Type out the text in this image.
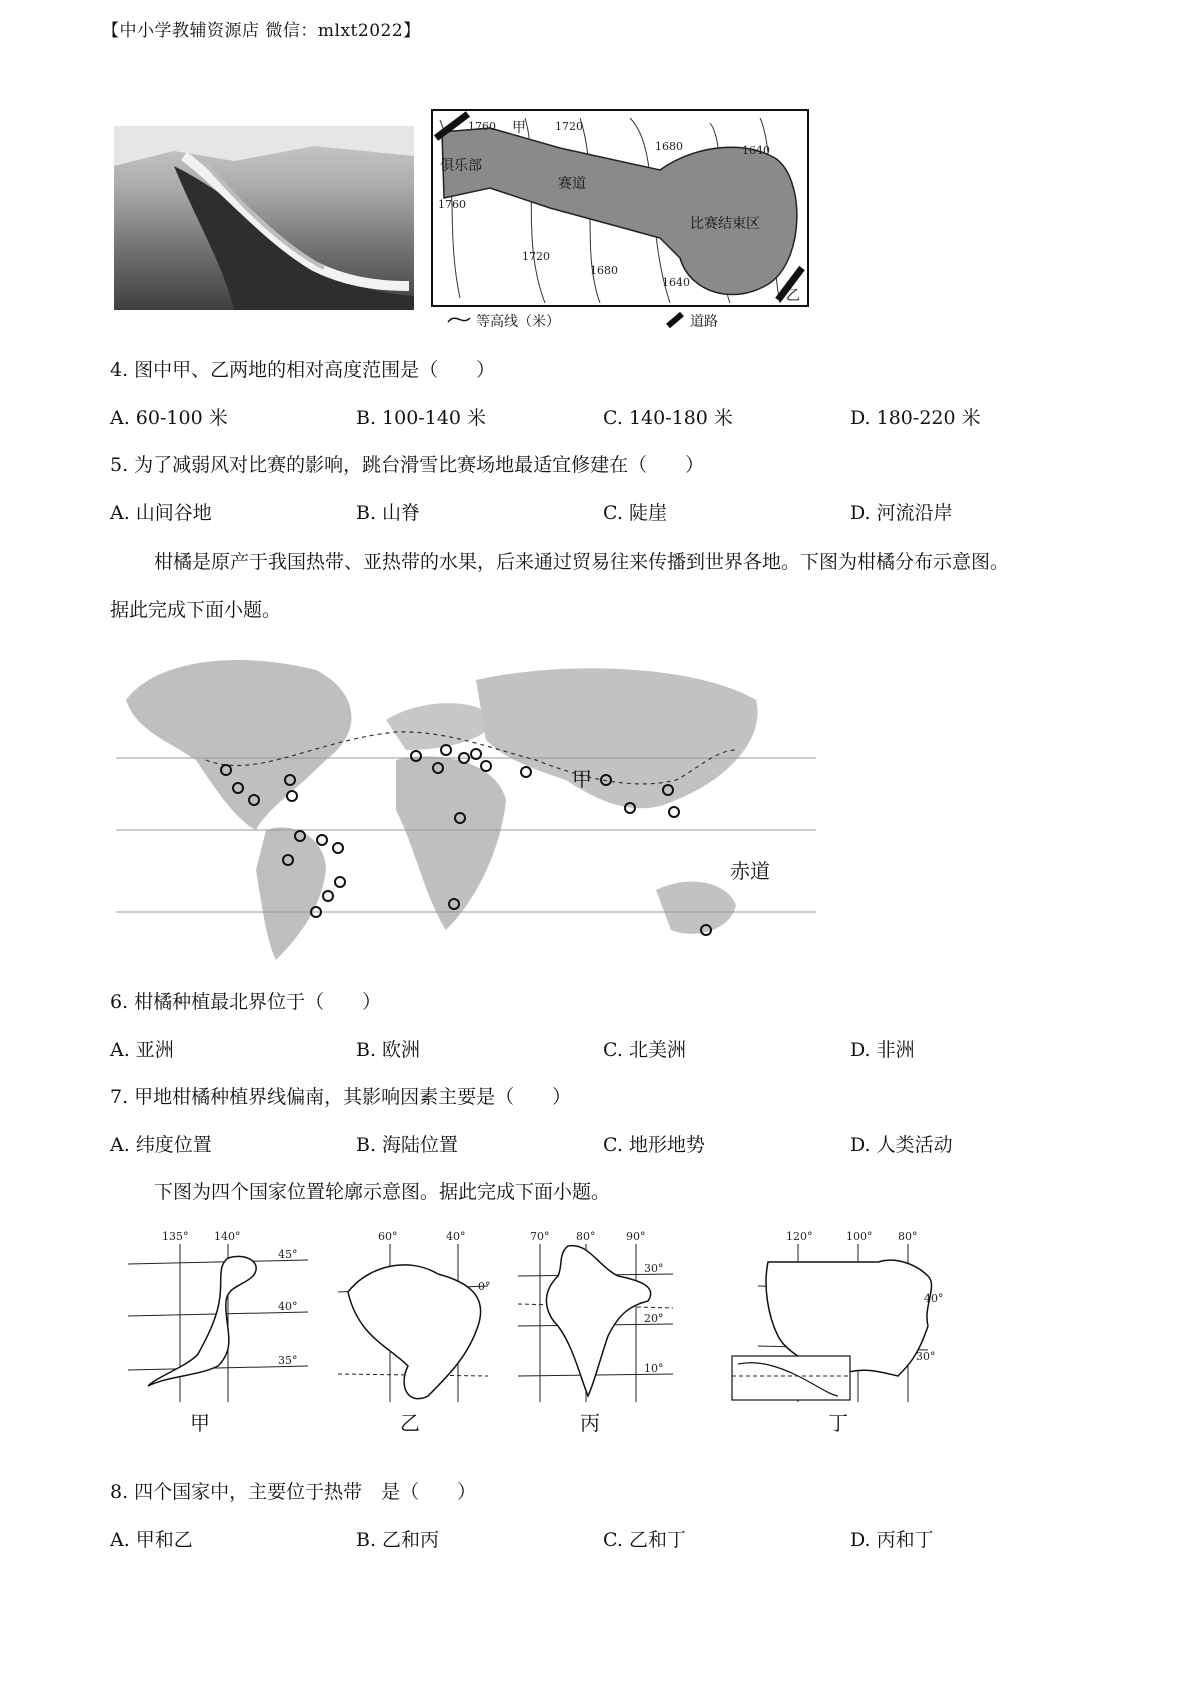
【中小学教辅资源店 微信：mlxt2022】
1760	1720
1680	1640
1760
1720
1680
1640
甲
乙
俱乐部
赛道
比赛结束区
等高线（米）	道路
4. 图中甲、乙两地的相对高度范围是（　　）
A. 60-100 米	B. 100-140 米	C. 140-180 米	D. 180-220 米
5. 为了减弱风对比赛的影响，跳台滑雪比赛场地最适宜修建在（　　）
A. 山间谷地	B. 山脊	C. 陡崖	D. 河流沿岸
柑橘是原产于我国热带、亚热带的水果，后来通过贸易往来传播到世界各地。下图为柑橘分布示意图。
据此完成下面小题。
甲
赤道
6. 柑橘种植最北界位于（　　）
A. 亚洲	B. 欧洲	C. 北美洲	D. 非洲
7. 甲地柑橘种植界线偏南，其影响因素主要是（　　）
A. 纬度位置	B. 海陆位置	C. 地形地势	D. 人类活动
下图为四个国家位置轮廓示意图。据此完成下面小题。
135° 140°
45°
40°
35°
甲
60°	40°
0°
乙
70° 80°	90°
30°
20°
10°
丙
120°	100° 80°
40°
30°
丁
8. 四个国家中，主要位于热带　是（　　）
A. 甲和乙	B. 乙和丙	C. 乙和丁	D. 丙和丁
